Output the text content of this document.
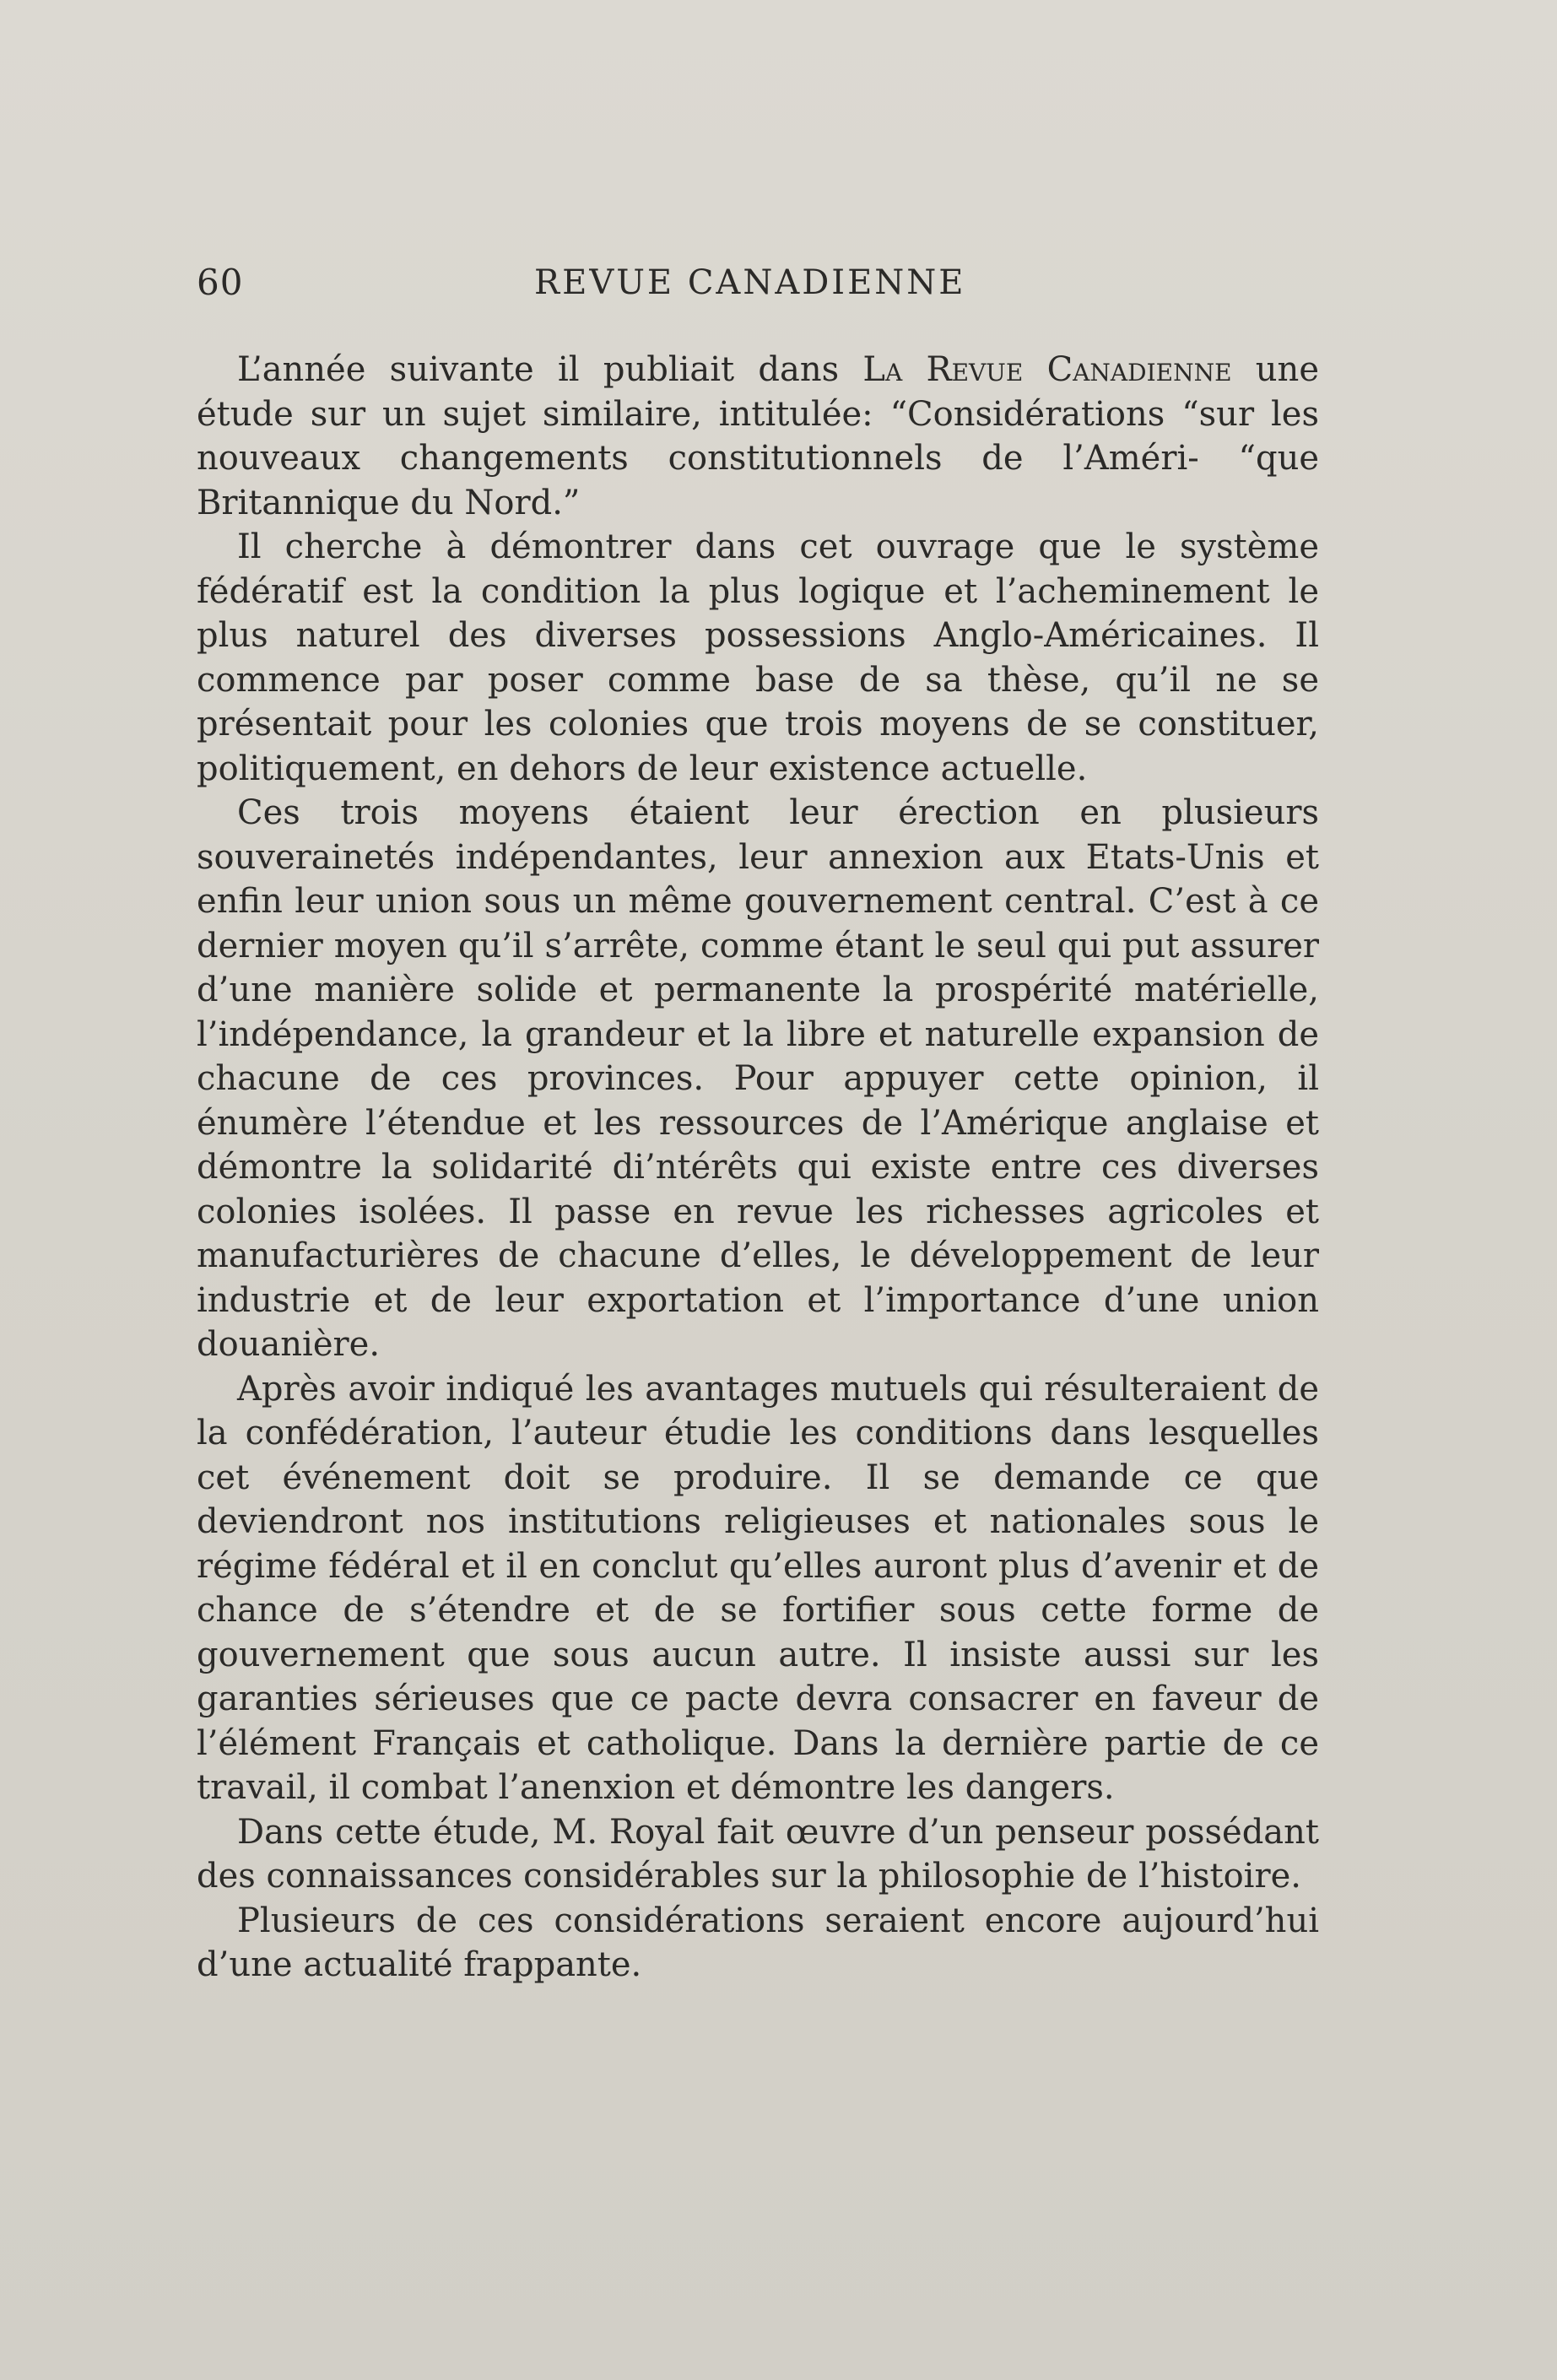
60	REVUE CANADIENNE

L’année suivante il publiait dans La Revue Canadienne une étude sur un sujet similaire, intitulée: “Considérations “sur les nouveaux changements constitutionnels de l’Améri- “que Britannique du Nord.”

Il cherche à démontrer dans cet ouvrage que le système fédératif est la condition la plus logique et l’acheminement le plus naturel des diverses possessions Anglo-Américaines. Il commence par poser comme base de sa thèse, qu’il ne se présentait pour les colonies que trois moyens de se constituer, politiquement, en dehors de leur existence actuelle.

Ces trois moyens étaient leur érection en plusieurs souverainetés indépendantes, leur annexion aux Etats-Unis et enfin leur union sous un même gouvernement central. C’est à ce dernier moyen qu’il s’arrête, comme étant le seul qui put assurer d’une manière solide et permanente la prospérité matérielle, l’indépendance, la grandeur et la libre et naturelle expansion de chacune de ces provinces. Pour appuyer cette opinion, il énumère l’étendue et les ressources de l’Amérique anglaise et démontre la solidarité di’ntérêts qui existe entre ces diverses colonies isolées. Il passe en revue les richesses agricoles et manufacturières de chacune d’elles, le développement de leur industrie et de leur exportation et l’importance d’une union douanière.

Après avoir indiqué les avantages mutuels qui résulteraient de la confédération, l’auteur étudie les conditions dans lesquelles cet événement doit se produire. Il se demande ce que deviendront nos institutions religieuses et nationales sous le régime fédéral et il en conclut qu’elles auront plus d’avenir et de chance de s’étendre et de se fortifier sous cette forme de gouvernement que sous aucun autre. Il insiste aussi sur les garanties sérieuses que ce pacte devra consacrer en faveur de l’élément Français et catholique. Dans la dernière partie de ce travail, il combat l’anenxion et démontre les dangers.

Dans cette étude, M. Royal fait œuvre d’un penseur possédant des connaissances considérables sur la philosophie de l’histoire.

Plusieurs de ces considérations seraient encore aujourd’hui d’une actualité frappante.
